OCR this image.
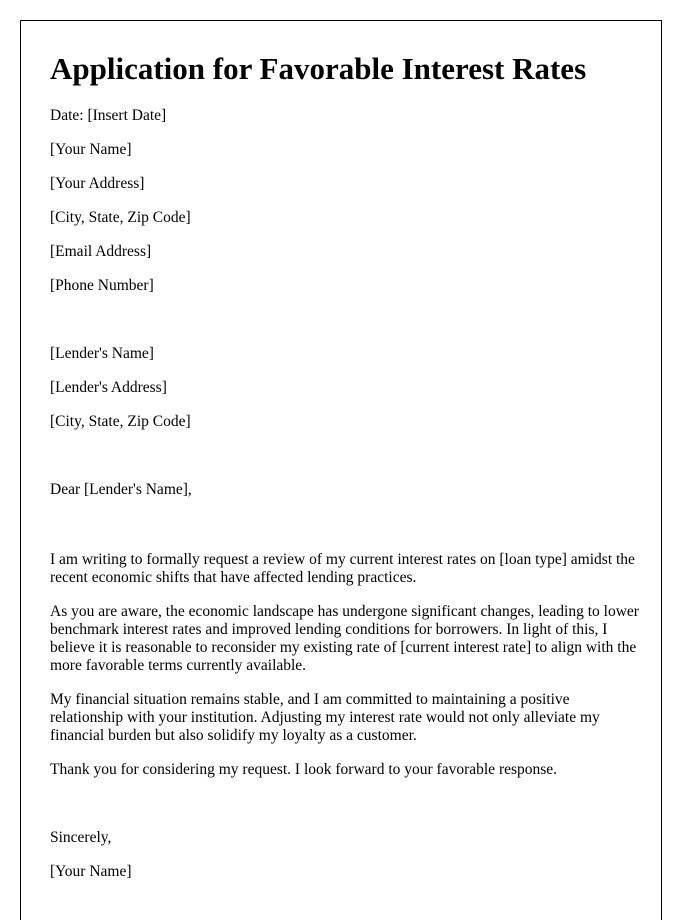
Application for Favorable Interest Rates

Date: [Insert Date]

[Your Name]

[Your Address]

[City, State, Zip Code]

[Email Address]

[Phone Number]

[Lender's Name]

[Lender's Address]

[City, State, Zip Code]

Dear [Lender's Name],

I am writing to formally request a review of my current interest rates on [loan type] amidst the recent economic shifts that have affected lending practices.

As you are aware, the economic landscape has undergone significant changes, leading to lower benchmark interest rates and improved lending conditions for borrowers. In light of this, I believe it is reasonable to reconsider my existing rate of [current interest rate] to align with the more favorable terms currently available.

My financial situation remains stable, and I am committed to maintaining a positive relationship with your institution. Adjusting my interest rate would not only alleviate my financial burden but also solidify my loyalty as a customer.

Thank you for considering my request. I look forward to your favorable response.

Sincerely,

[Your Name]
